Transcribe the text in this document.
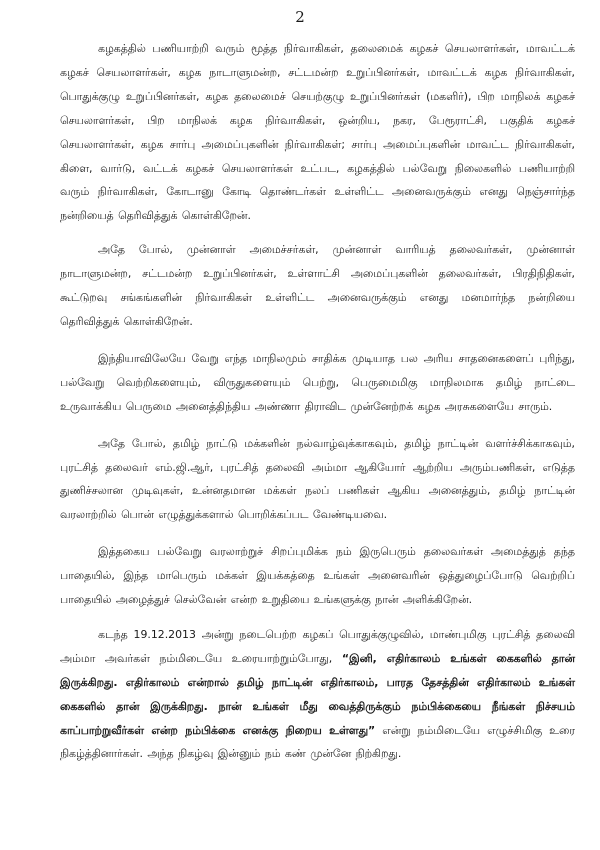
2

கழகத்தில் பணியாற்றி வரும் மூத்த நிர்வாகிகள், தலைமைக் கழகச் செயலாளர்கள், மாவட்டக் கழகச் செயலாளர்கள், கழக நாடாளுமன்ற, சட்டமன்ற உறுப்பினர்கள், மாவட்டக் கழக நிர்வாகிகள், பொதுக்குழு உறுப்பினர்கள், கழக தலைமைச் செயற்குழு உறுப்பினர்கள் (மகளிர்), பிற மாநிலக் கழகச் செயலாளர்கள், பிற மாநிலக் கழக நிர்வாகிகள், ஒன்றிய, நகர, பேரூராட்சி, பகுதிக் கழகச் செயலாளர்கள், கழக சார்பு அமைப்புகளின் நிர்வாகிகள்; சார்பு அமைப்புகளின் மாவட்ட நிர்வாகிகள், கிளை, வார்டு, வட்டக் கழகச் செயலாளர்கள் உட்பட, கழகத்தில் பல்வேறு நிலைகளில் பணியாற்றி வரும் நிர்வாகிகள், கோடானு கோடி தொண்டர்கள் உள்ளிட்ட அனைவருக்கும் எனது நெஞ்சார்ந்த நன்றியைத் தெரிவித்துக் கொள்கிறேன்.

அதே போல், முன்னாள் அமைச்சர்கள், முன்னாள் வாரியத் தலைவர்கள், முன்னாள் நாடாளுமன்ற, சட்டமன்ற உறுப்பினர்கள், உள்ளாட்சி அமைப்புகளின் தலைவர்கள், பிரதிநிதிகள், கூட்டுறவு சங்கங்களின் நிர்வாகிகள் உள்ளிட்ட அனைவருக்கும் எனது மனமார்ந்த நன்றியை தெரிவித்துக் கொள்கிறேன்.

இந்தியாவிலேயே வேறு எந்த மாநிலமும் சாதிக்க முடியாத பல அரிய சாதனைகளைப் புரிந்து, பல்வேறு வெற்றிகளையும், விருதுகளையும் பெற்று, பெருமைமிகு மாநிலமாக தமிழ் நாட்டை உருவாக்கிய பெருமை அனைத்திந்திய அண்ணா திராவிட முன்னேற்றக் கழக அரசுகளையே சாரும்.

அதே போல், தமிழ் நாட்டு மக்களின் நல்வாழ்வுக்காகவும், தமிழ் நாட்டின் வளர்ச்சிக்காகவும், புரட்சித் தலைவர் எம்.ஜி.ஆர், புரட்சித் தலைவி அம்மா ஆகியோர் ஆற்றிய அரும்பணிகள், எடுத்த துணிச்சலான முடிவுகள், உன்னதமான மக்கள் நலப் பணிகள் ஆகிய அனைத்தும், தமிழ் நாட்டின் வரலாற்றில் பொன் எழுத்துக்களால் பொறிக்கப்பட வேண்டியவை.

இத்தகைய பல்வேறு வரலாற்றுச் சிறப்புமிக்க நம் இருபெரும் தலைவர்கள் அமைத்துத் தந்த பாதையில், இந்த மாபெரும் மக்கள் இயக்கத்தை உங்கள் அனைவரின் ஒத்துழைப்போடு வெற்றிப் பாதையில் அழைத்துச் செல்வேன் என்ற உறுதியை உங்களுக்கு நான் அளிக்கிறேன்.

கடந்த 19.12.2013 அன்று நடைபெற்ற கழகப் பொதுக்குழுவில், மாண்புமிகு புரட்சித் தலைவி அம்மா அவர்கள் நம்மிடையே உரையாற்றும்போது, “இனி, எதிர்காலம் உங்கள் கைகளில் தான் இருக்கிறது. எதிர்காலம் என்றால் தமிழ் நாட்டின் எதிர்காலம், பாரத தேசத்தின் எதிர்காலம் உங்கள் கைகளில் தான் இருக்கிறது. நான் உங்கள் மீது வைத்திருக்கும் நம்பிக்கையை நீங்கள் நிச்சயம் காப்பாற்றுவீர்கள் என்ற நம்பிக்கை எனக்கு நிறைய உள்ளது” என்று நம்மிடையே எழுச்சிமிகு உரை நிகழ்த்தினார்கள். அந்த நிகழ்வு இன்னும் நம் கண் முன்னே நிற்கிறது.
